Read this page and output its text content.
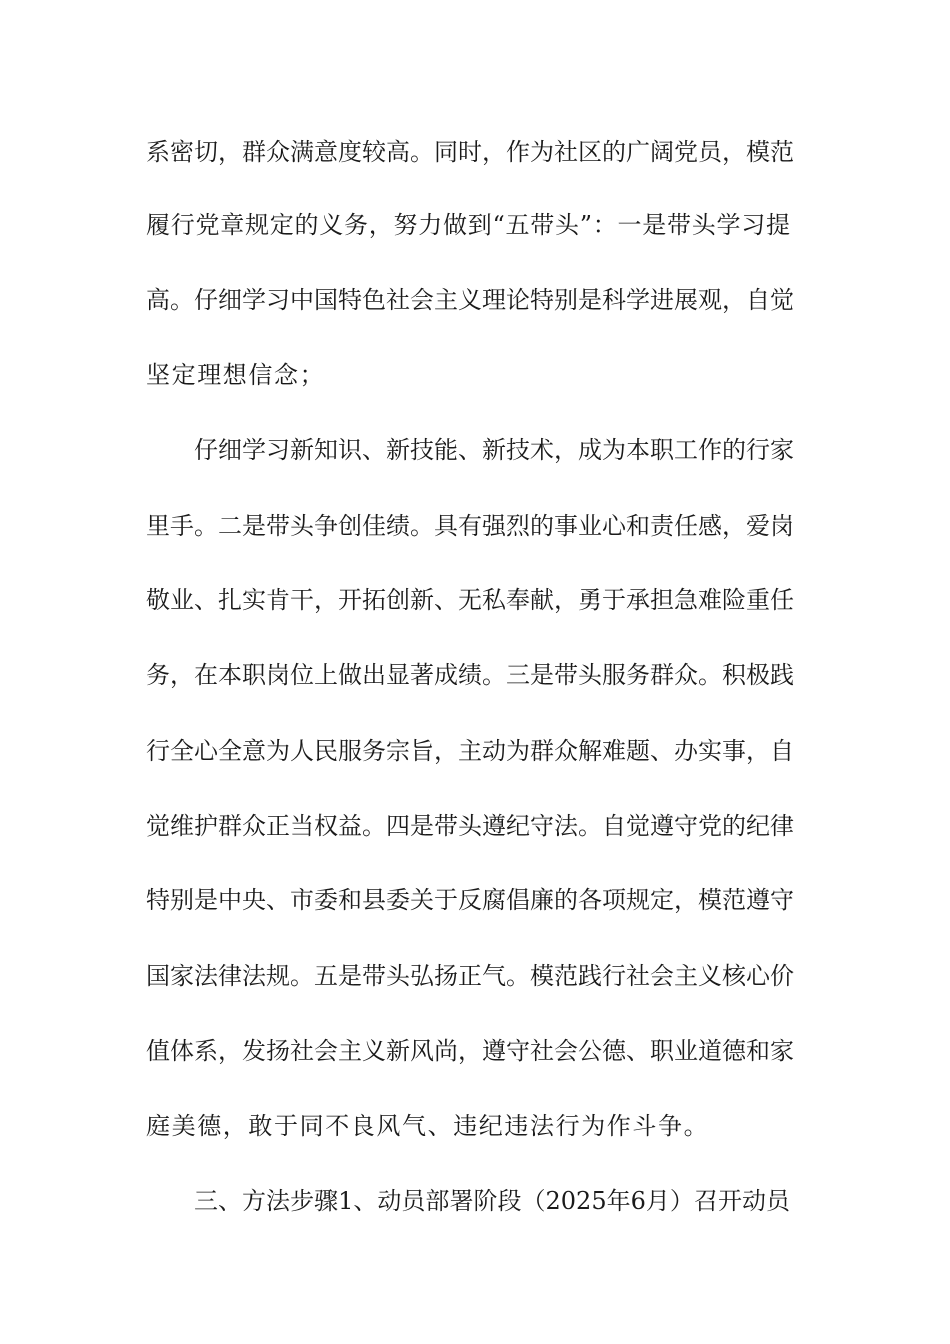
系密切，群众满意度较高。同时，作为社区的广阔党员，模范
履行党章规定的义务，努力做到“五带头”：一是带头学习提
高。仔细学习中国特色社会主义理论特别是科学进展观，自觉
坚定理想信念；
仔细学习新知识、新技能、新技术，成为本职工作的行家
里手。二是带头争创佳绩。具有强烈的事业心和责任感，爱岗
敬业、扎实肯干，开拓创新、无私奉献，勇于承担急难险重任
务，在本职岗位上做出显著成绩。三是带头服务群众。积极践
行全心全意为人民服务宗旨，主动为群众解难题、办实事，自
觉维护群众正当权益。四是带头遵纪守法。自觉遵守党的纪律
特别是中央、市委和县委关于反腐倡廉的各项规定，模范遵守
国家法律法规。五是带头弘扬正气。模范践行社会主义核心价
值体系，发扬社会主义新风尚，遵守社会公德、职业道德和家
庭美德，敢于同不良风气、违纪违法行为作斗争。
三、方法步骤1、动员部署阶段（2025年6月）召开动员
